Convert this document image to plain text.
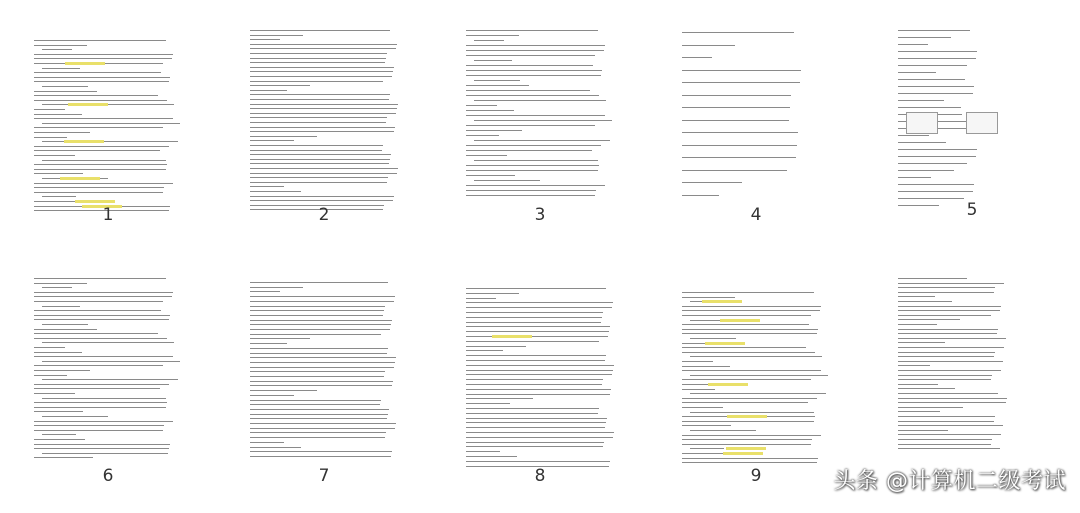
1	2	3	4	5
6	7	8	9	头条 @计算机二级考试
